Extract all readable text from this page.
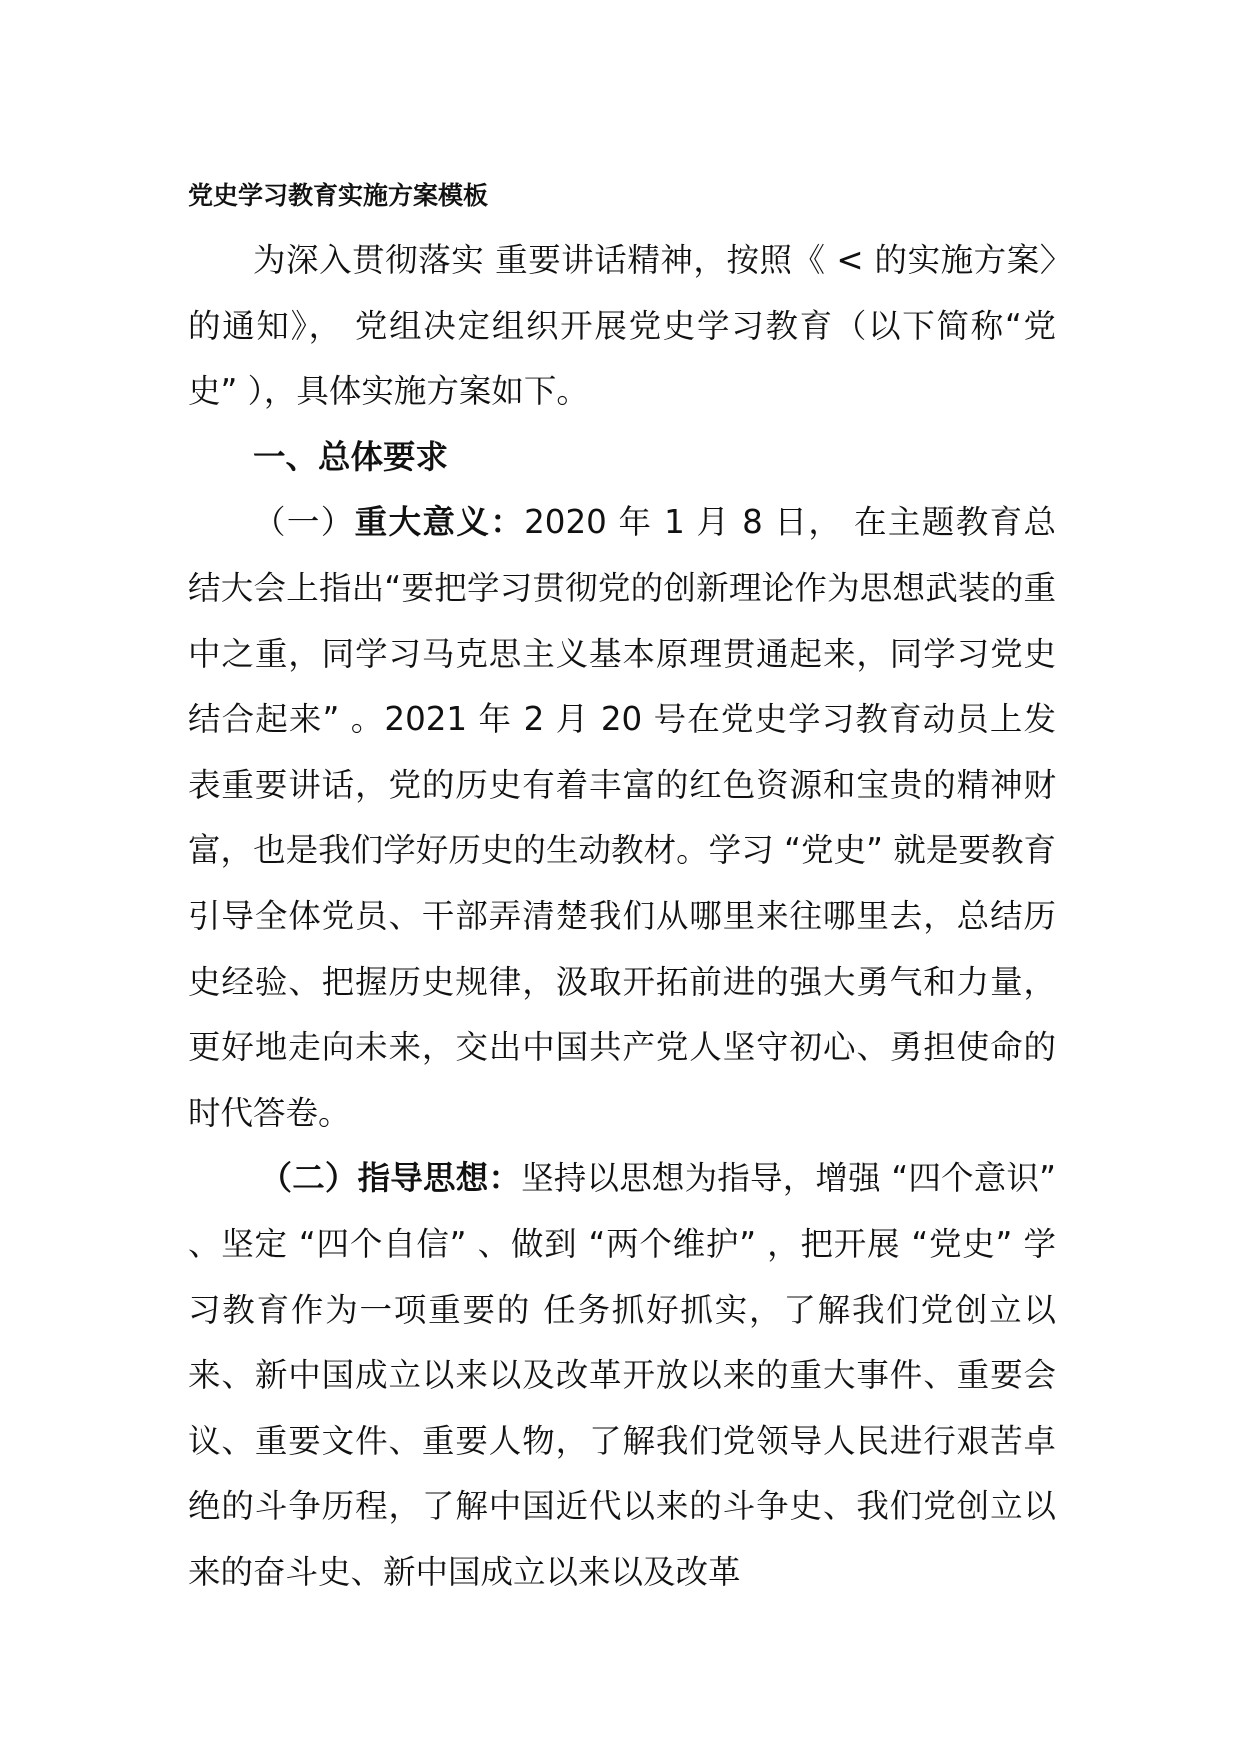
党史学习教育实施方案模板

为深入贯彻落实 重要讲话精神，按照《 < 的实施方案〉的通知》， 党组决定组织开展党史学习教育（以下简称“党史” ），具体实施方案如下。

一、总体要求

（一）重大意义：2020 年 1 月 8 日， 在主题教育总结大会上指出“要把学习贯彻党的创新理论作为思想武装的重中之重，同学习马克思主义基本原理贯通起来，同学习党史结合起来” 。2021 年 2 月 20 号在党史学习教育动员上发表重要讲话，党的历史有着丰富的红色资源和宝贵的精神财富，也是我们学好历史的生动教材。学习 “党史” 就是要教育引导全体党员、干部弄清楚我们从哪里来往哪里去，总结历史经验、把握历史规律，汲取开拓前进的强大勇气和力量，更好地走向未来，交出中国共产党人坚守初心、勇担使命的时代答卷。

（二）指导思想：坚持以思想为指导，增强 “四个意识” 、坚定 “四个自信” 、做到 “两个维护” ，把开展 “党史” 学习教育作为一项重要的 任务抓好抓实，了解我们党创立以来、新中国成立以来以及改革开放以来的重大事件、重要会议、重要文件、重要人物，了解我们党领导人民进行艰苦卓绝的斗争历程，了解中国近代以来的斗争史、我们党创立以来的奋斗史、新中国成立以来以及改革
